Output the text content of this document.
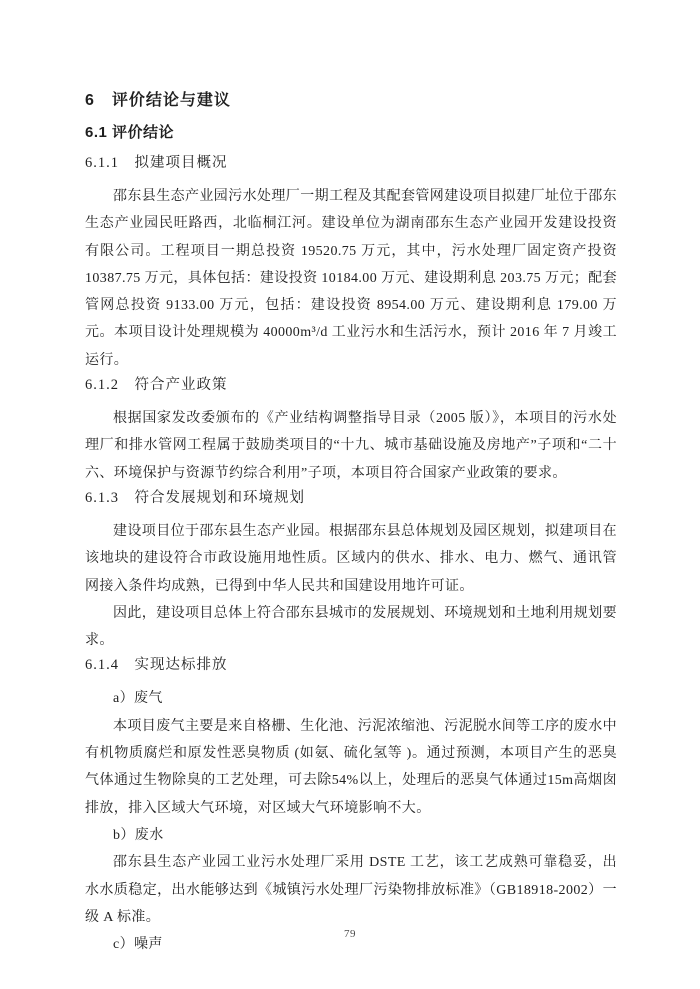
6　评价结论与建议
6.1 评价结论
6.1.1　拟建项目概况

邵东县生态产业园污水处理厂一期工程及其配套管网建设项目拟建厂址位于邵东生态产业园民旺路西，北临桐江河。建设单位为湖南邵东生态产业园开发建设投资有限公司。工程项目一期总投资 19520.75 万元，其中，污水处理厂固定资产投资 10387.75 万元，具体包括：建设投资 10184.00 万元、建设期利息 203.75 万元；配套管网总投资 9133.00 万元，包括：建设投资 8954.00 万元、建设期利息 179.00 万元。本项目设计处理规模为 40000m³/d 工业污水和生活污水，预计 2016 年 7 月竣工运行。

6.1.2　符合产业政策

根据国家发改委颁布的《产业结构调整指导目录（2005 版）》，本项目的污水处理厂和排水管网工程属于鼓励类项目的“十九、城市基础设施及房地产”子项和“二十六、环境保护与资源节约综合利用”子项，本项目符合国家产业政策的要求。

6.1.3　符合发展规划和环境规划

建设项目位于邵东县生态产业园。根据邵东县总体规划及园区规划，拟建项目在该地块的建设符合市政设施用地性质。区域内的供水、排水、电力、燃气、通讯管网接入条件均成熟，已得到中华人民共和国建设用地许可证。

因此，建设项目总体上符合邵东县城市的发展规划、环境规划和土地利用规划要求。

6.1.4　实现达标排放

a）废气

本项目废气主要是来自格栅、生化池、污泥浓缩池、污泥脱水间等工序的废水中有机物质腐烂和原发性恶臭物质 (如氨、硫化氢等 )。通过预测，本项目产生的恶臭气体通过生物除臭的工艺处理，可去除54%以上，处理后的恶臭气体通过15m高烟囱排放，排入区域大气环境，对区域大气环境影响不大。

b）废水

邵东县生态产业园工业污水处理厂采用 DSTE 工艺，该工艺成熟可靠稳妥，出水水质稳定，出水能够达到《城镇污水处理厂污染物排放标准》（GB18918-2002）一级 A 标准。

c）噪声

79
